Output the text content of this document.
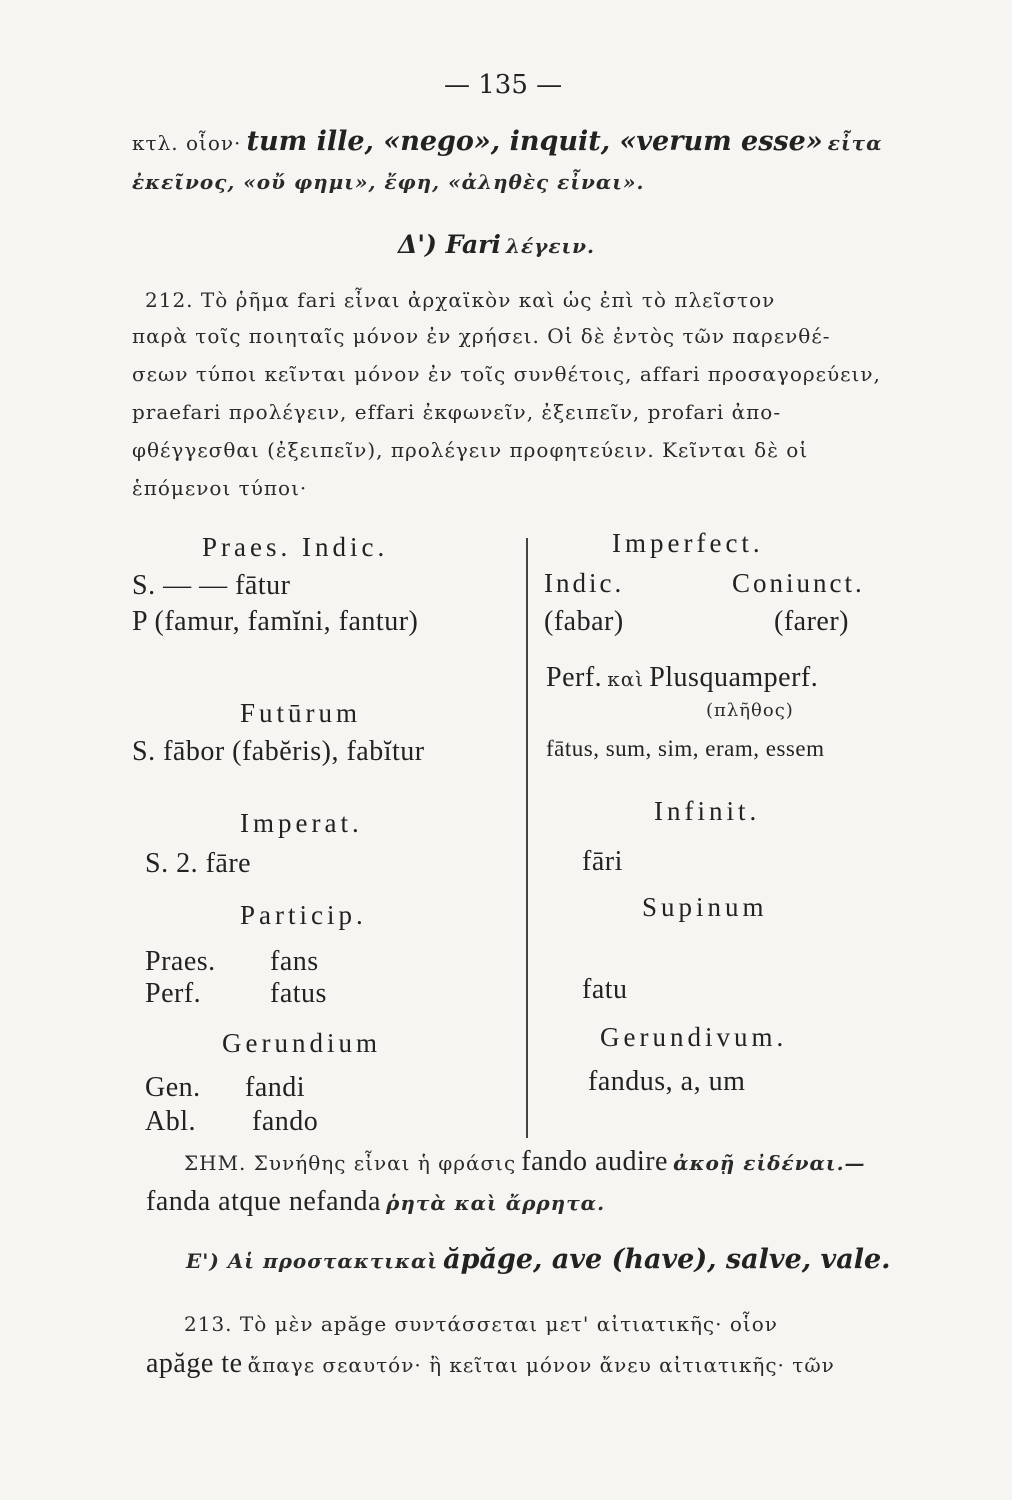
— 135 —
κτλ. οἷον· tum ille, «nego», inquit, «verum esse» εἶτα
ἐκεῖνος, «οὔ φημι», ἔφη, «ἀληθὲς εἶναι».
Δ') Fari λέγειν.
212. Τὸ ῥῆμα fari εἶναι ἀρχαϊκὸν καὶ ὡς ἐπὶ τὸ πλεῖστον
παρὰ τοῖς ποιηταῖς μόνον ἐν χρήσει. Οἱ δὲ ἐντὸς τῶν παρενθέ-
σεων τύποι κεῖνται μόνον ἐν τοῖς συνθέτοις, affari προσαγορεύειν,
praefari προλέγειν, effari ἐκφωνεῖν, ἐξειπεῖν, profari ἀπο-
φθέγγεσθαι (ἐξειπεῖν), προλέγειν προφητεύειν. Κεῖνται δὲ οἱ
ἑπόμενοι τύποι·
Praes. Indic.
S. — — fātur
P (famur, famĭni, fantur)
Futūrum
S. fābor (fabĕris), fabĭtur
Imperat.
S. 2. fāre
Particip.
Praes. fans
Perf. fatus
Gerundium
Gen. fandi
Abl. fando
Imperfect.
Indic.	Coniunct.
(fabar)	(farer)
Perf. καὶ Plusquamperf.
(πλῆθος)
fātus, sum, sim, eram, essem
Infinit.
fāri
Supinum
fatu
Gerundivum.
fandus, a, um
ΣΗΜ. Συνήθης εἶναι ἡ φράσις fando audire ἀκοῇ εἰδέναι.—
fanda atque nefanda ῥητὰ καὶ ἄρρητα.
Ε') Αἱ προστακτικαὶ ăpăge, ave (have), salve, vale.
213. Τὸ μὲν apăge συντάσσεται μετ' αἰτιατικῆς· οἷον
apăge te ἄπαγε σεαυτόν· ἢ κεῖται μόνον ἄνευ αἰτιατικῆς· τῶν
